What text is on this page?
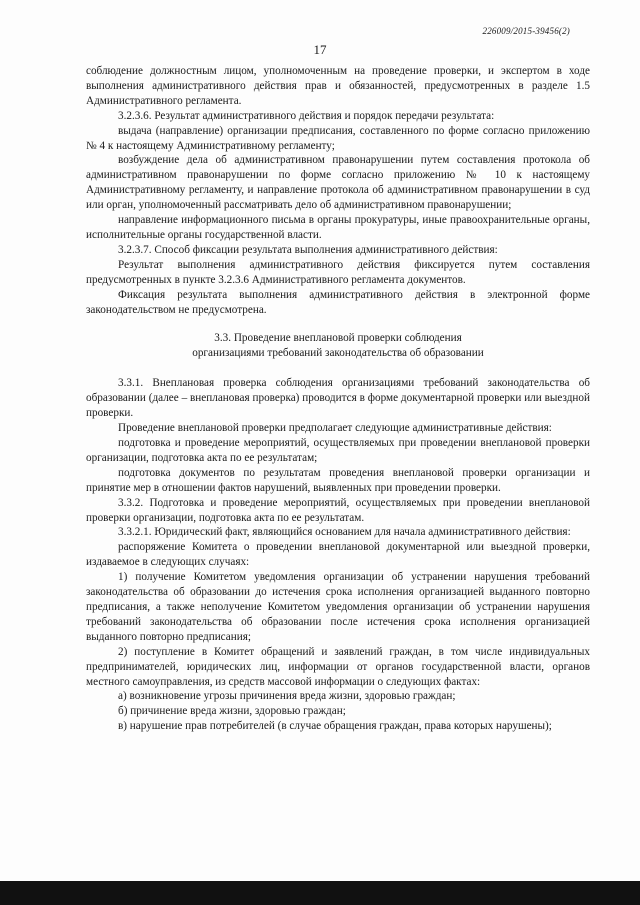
226009/2015-39456(2)
17

соблюдение должностным лицом, уполномоченным на проведение проверки, и экспертом в ходе выполнения административного действия прав и обязанностей, предусмотренных в разделе 1.5 Административного регламента.

3.2.3.6. Результат административного действия и порядок передачи результата:

выдача (направление) организации предписания, составленного по форме согласно приложению № 4 к настоящему Административному регламенту;

возбуждение дела об административном правонарушении путем составления протокола об административном правонарушении по форме согласно приложению № 10 к настоящему Административному регламенту, и направление протокола об административном правонарушении в суд или орган, уполномоченный рассматривать дело об административном правонарушении;

направление информационного письма в органы прокуратуры, иные правоохранительные органы, исполнительные органы государственной власти.

3.2.3.7. Способ фиксации результата выполнения административного действия:

Результат выполнения административного действия фиксируется путем составления предусмотренных в пункте 3.2.3.6 Административного регламента документов.

Фиксация результата выполнения административного действия в электронной форме законодательством не предусмотрена.

3.3. Проведение внеплановой проверки соблюдения
организациями требований законодательства об образовании

3.3.1. Внеплановая проверка соблюдения организациями требований законодательства об образовании (далее – внеплановая проверка) проводится в форме документарной проверки или выездной проверки.

Проведение внеплановой проверки предполагает следующие административные действия:

подготовка и проведение мероприятий, осуществляемых при проведении внеплановой проверки организации, подготовка акта по ее результатам;

подготовка документов по результатам проведения внеплановой проверки организации и принятие мер в отношении фактов нарушений, выявленных при проведении проверки.

3.3.2. Подготовка и проведение мероприятий, осуществляемых при проведении внеплановой проверки организации, подготовка акта по ее результатам.

3.3.2.1. Юридический факт, являющийся основанием для начала административного действия:

распоряжение Комитета о проведении внеплановой документарной или выездной проверки, издаваемое в следующих случаях:

1) получение Комитетом уведомления организации об устранении нарушения требований законодательства об образовании до истечения срока исполнения организацией выданного повторно предписания, а также неполучение Комитетом уведомления организации об устранении нарушения требований законодательства об образовании после истечения срока исполнения организацией выданного повторно предписания;

2) поступление в Комитет обращений и заявлений граждан, в том числе индивидуальных предпринимателей, юридических лиц, информации от органов государственной власти, органов местного самоуправления, из средств массовой информации о следующих фактах:

а) возникновение угрозы причинения вреда жизни, здоровью граждан;

б) причинение вреда жизни, здоровью граждан;

в) нарушение прав потребителей (в случае обращения граждан, права которых нарушены);
